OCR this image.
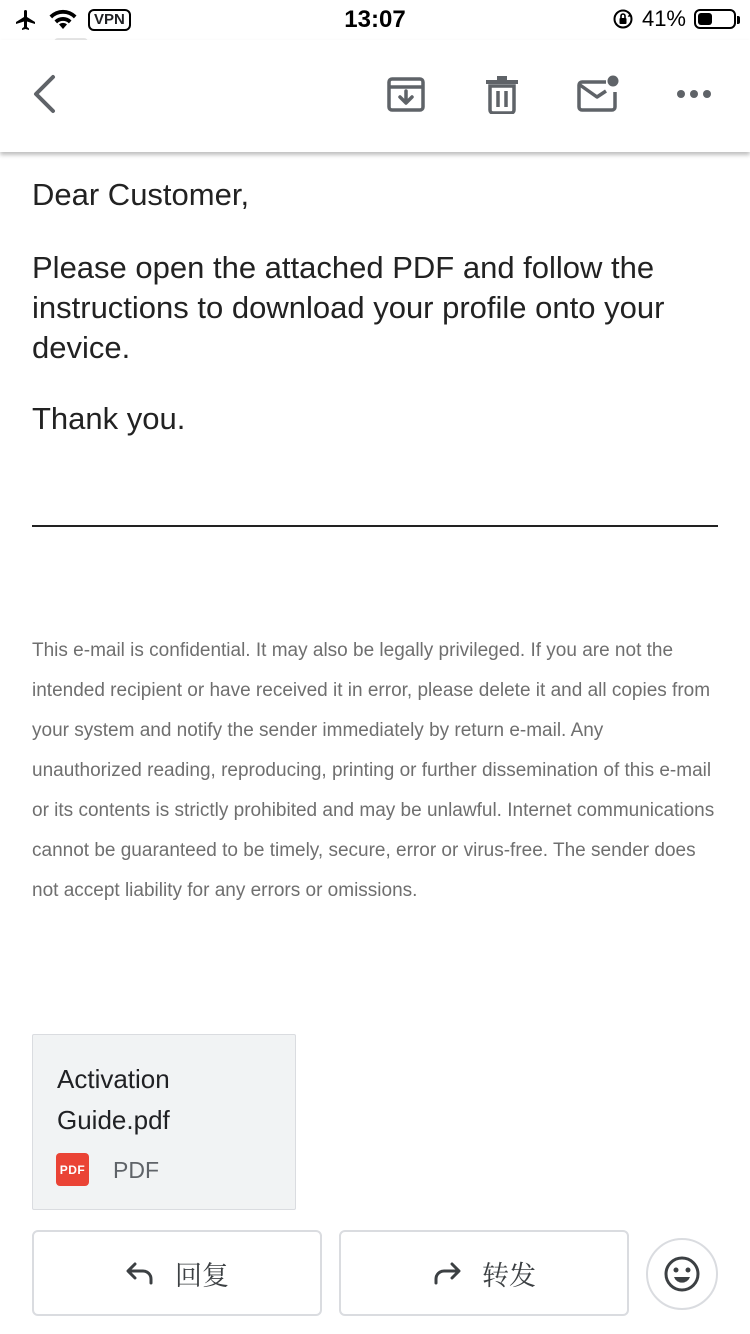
VPN	13:07	41%
Dear Customer,
Please open the attached PDF and follow the instructions to download your profile onto your device.
Thank you.
This e-mail is confidential. It may also be legally privileged. If you are not the intended recipient or have received it in error, please delete it and all copies from your system and notify the sender immediately by return e-mail. Any unauthorized reading, reproducing, printing or further dissemination of this e-mail or its contents is strictly prohibited and may be unlawful. Internet communications cannot be guaranteed to be timely, secure, error or virus-free. The sender does not accept liability for any errors or omissions.
Activation
Guide.pdf
PDF PDF
回复	转发
